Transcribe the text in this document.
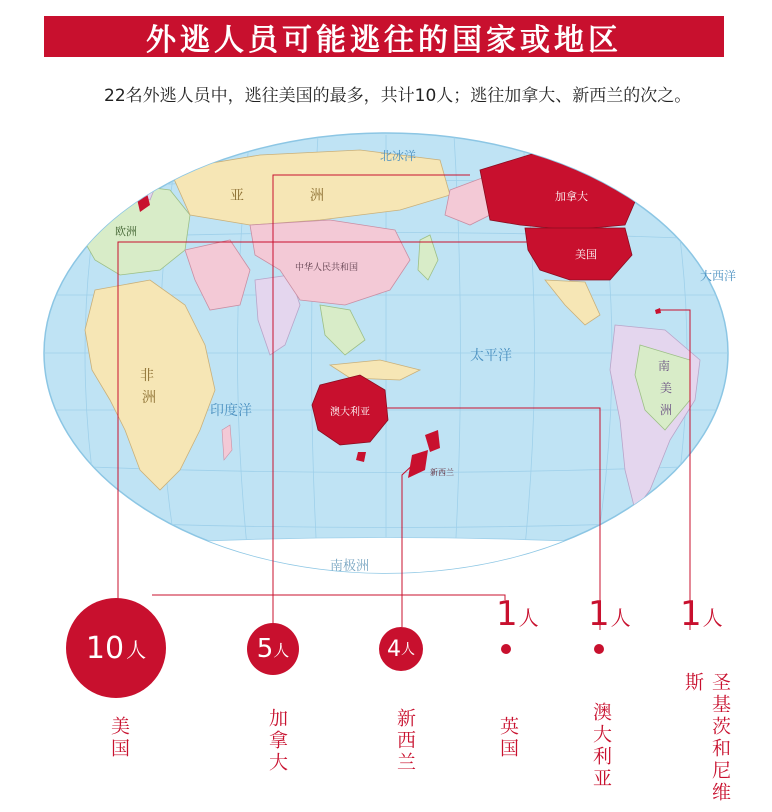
外逃人员可能逃往的国家或地区
22名外逃人员中，逃往美国的最多，共计10人；逃往加拿大、新西兰的次之。
美国
加拿大
澳大利亚
中华人民共和国
新西兰
太平洋
印度洋
大西洋
北冰洋
南极洲
欧洲
非
洲
亚	洲
南
美
洲
10 人
美国
5 人
加拿大
4 人
新西兰
1 人
英国
1 人
澳大利亚
1 人
圣基茨和尼维斯
